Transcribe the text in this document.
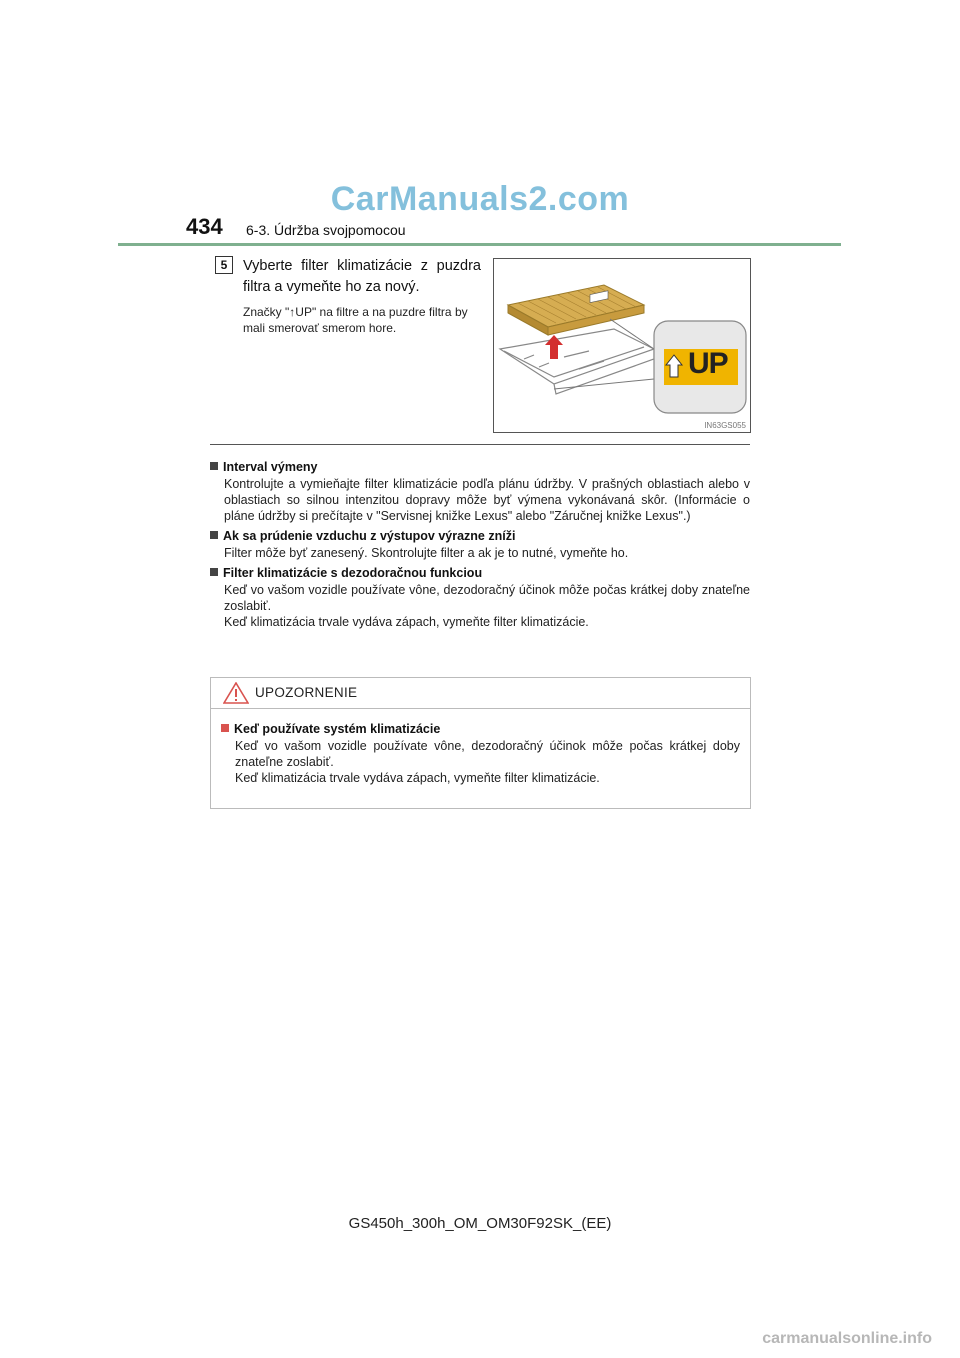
CarManuals2.com
434 6-3. Údržba svojpomocou
5	Vyberte filter klimatizácie z puzdra filtra a vymeňte ho za nový.
Značky "↑UP" na filtre a na puzdre filtra by mali smerovať smerom hore.
UP
IN63GS055
Interval výmeny
Kontrolujte a vymieňajte filter klimatizácie podľa plánu údržby. V prašných oblastiach alebo v oblastiach so silnou intenzitou dopravy môže byť výmena vykonávaná skôr. (Informácie o pláne údržby si prečítajte v "Servisnej knižke Lexus" alebo "Záručnej knižke Lexus".)
Ak sa prúdenie vzduchu z výstupov výrazne zníži
Filter môže byť zanesený. Skontrolujte filter a ak je to nutné, vymeňte ho.
Filter klimatizácie s dezodoračnou funkciou
Keď vo vašom vozidle používate vône, dezodoračný účinok môže počas krátkej doby znateľne zoslabiť.
Keď klimatizácia trvale vydáva zápach, vymeňte filter klimatizácie.
UPOZORNENIE
Keď používate systém klimatizácie
Keď vo vašom vozidle používate vône, dezodoračný účinok môže počas krátkej doby znateľne zoslabiť.
Keď klimatizácia trvale vydáva zápach, vymeňte filter klimatizácie.
GS450h_300h_OM_OM30F92SK_(EE)
carmanualsonline.info
